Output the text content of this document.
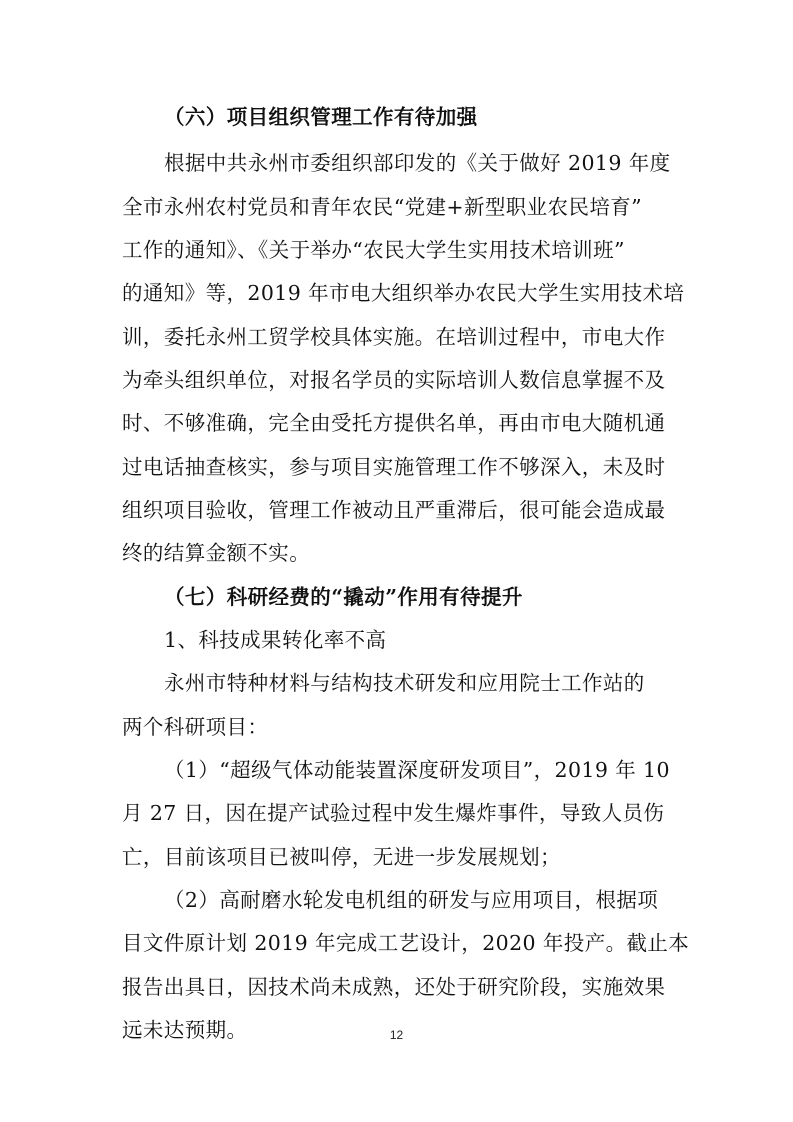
（六）项目组织管理工作有待加强
根据中共永州市委组织部印发的《关于做好 2019 年度
全市永州农村党员和青年农民“党建+新型职业农民培育”
工作的通知》、《关于举办“农民大学生实用技术培训班”
的通知》等，2019 年市电大组织举办农民大学生实用技术培
训，委托永州工贸学校具体实施。在培训过程中，市电大作
为牵头组织单位，对报名学员的实际培训人数信息掌握不及
时、不够准确，完全由受托方提供名单，再由市电大随机通
过电话抽查核实，参与项目实施管理工作不够深入，未及时
组织项目验收，管理工作被动且严重滞后，很可能会造成最
终的结算金额不实。
（七）科研经费的“撬动”作用有待提升
1、科技成果转化率不高
永州市特种材料与结构技术研发和应用院士工作站的
两个科研项目：
（1）“超级气体动能装置深度研发项目”，2019 年 10
月 27 日，因在提产试验过程中发生爆炸事件，导致人员伤
亡，目前该项目已被叫停，无进一步发展规划；
（2）高耐磨水轮发电机组的研发与应用项目，根据项
目文件原计划 2019 年完成工艺设计，2020 年投产。截止本
报告出具日，因技术尚未成熟，还处于研究阶段，实施效果
远未达预期。	12
